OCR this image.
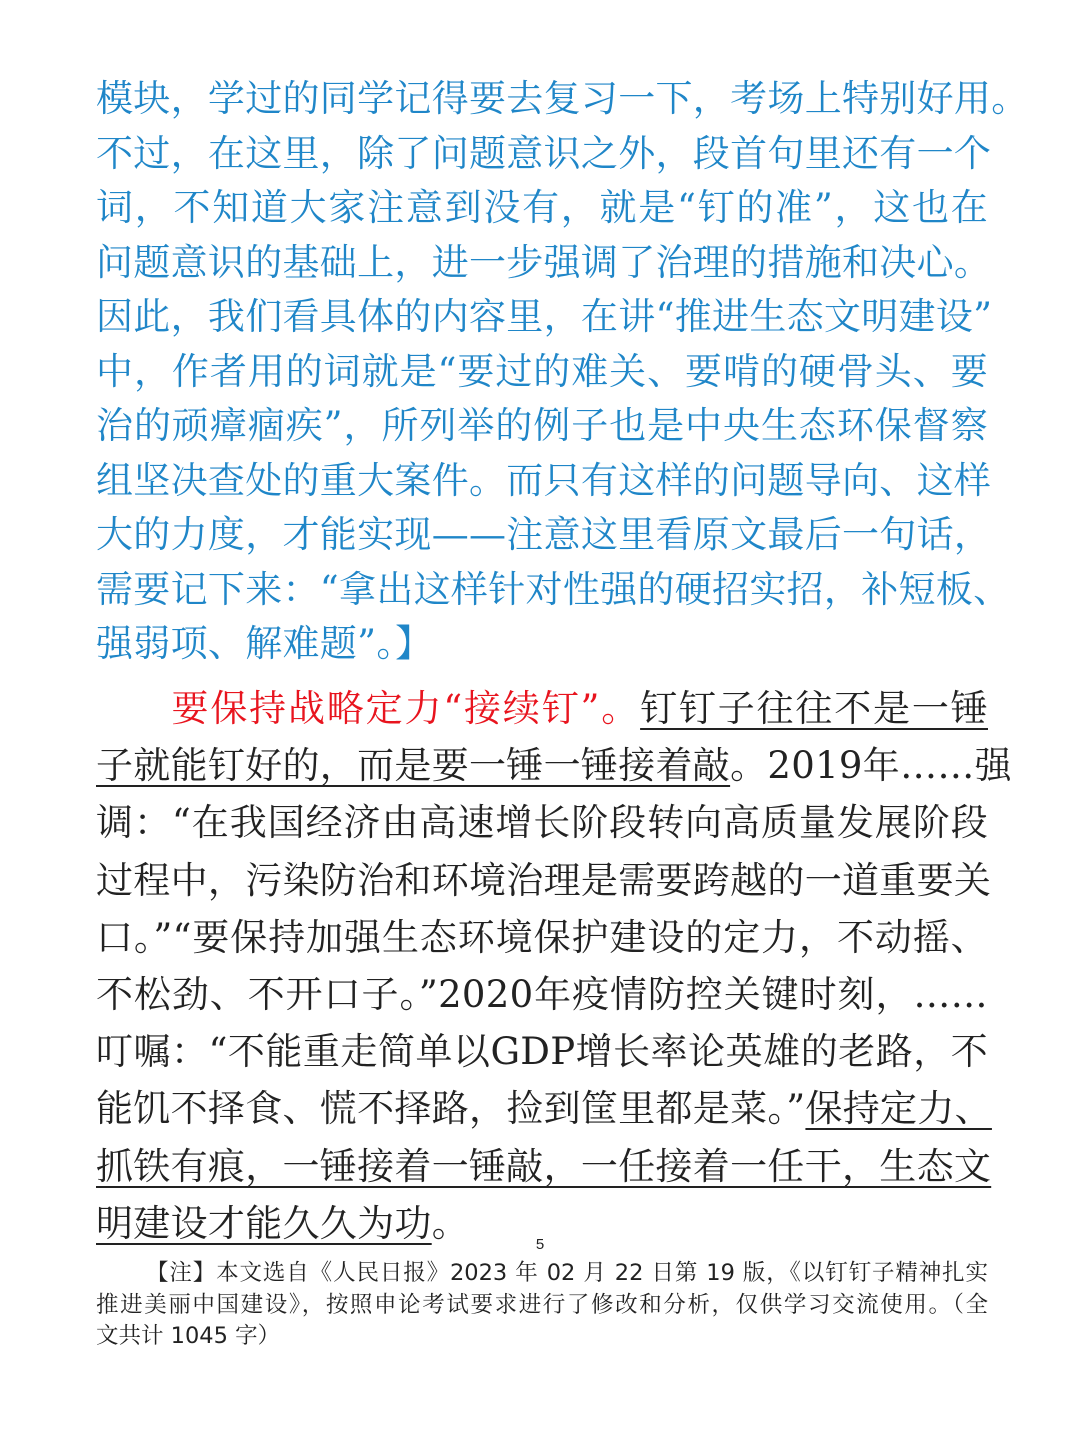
模块，学过的同学记得要去复习一下，考场上特别好用。
不过，在这里，除了问题意识之外，段首句里还有一个
词，不知道大家注意到没有，就是“钉的准”，这也在
问题意识的基础上，进一步强调了治理的措施和决心。
因此，我们看具体的内容里，在讲“推进生态文明建设”
中，作者用的词就是“要过的难关、要啃的硬骨头、要
治的顽瘴痼疾”，所列举的例子也是中央生态环保督察
组坚决查处的重大案件。而只有这样的问题导向、这样
大的力度，才能实现——注意这里看原文最后一句话，
需要记下来：“拿出这样针对性强的硬招实招，补短板、
强弱项、解难题”。】
要保持战略定力“接续钉”。钉钉子往往不是一锤
子就能钉好的，而是要一锤一锤接着敲。2019年……强
调：“在我国经济由高速增长阶段转向高质量发展阶段
过程中，污染防治和环境治理是需要跨越的一道重要关
口。”“要保持加强生态环境保护建设的定力，不动摇、
不松劲、不开口子。”2020年疫情防控关键时刻，……
叮嘱：“不能重走简单以GDP增长率论英雄的老路，不
能饥不择食、慌不择路，捡到筐里都是菜。”保持定力、
抓铁有痕，一锤接着一锤敲，一任接着一任干，生态文
明建设才能久久为功。	5
【注】本文选自《人民日报》2023 年 02 月 22 日第 19 版，《以钉钉子精神扎实
推进美丽中国建设》，按照申论考试要求进行了修改和分析，仅供学习交流使用。（全
文共计 1045 字）
